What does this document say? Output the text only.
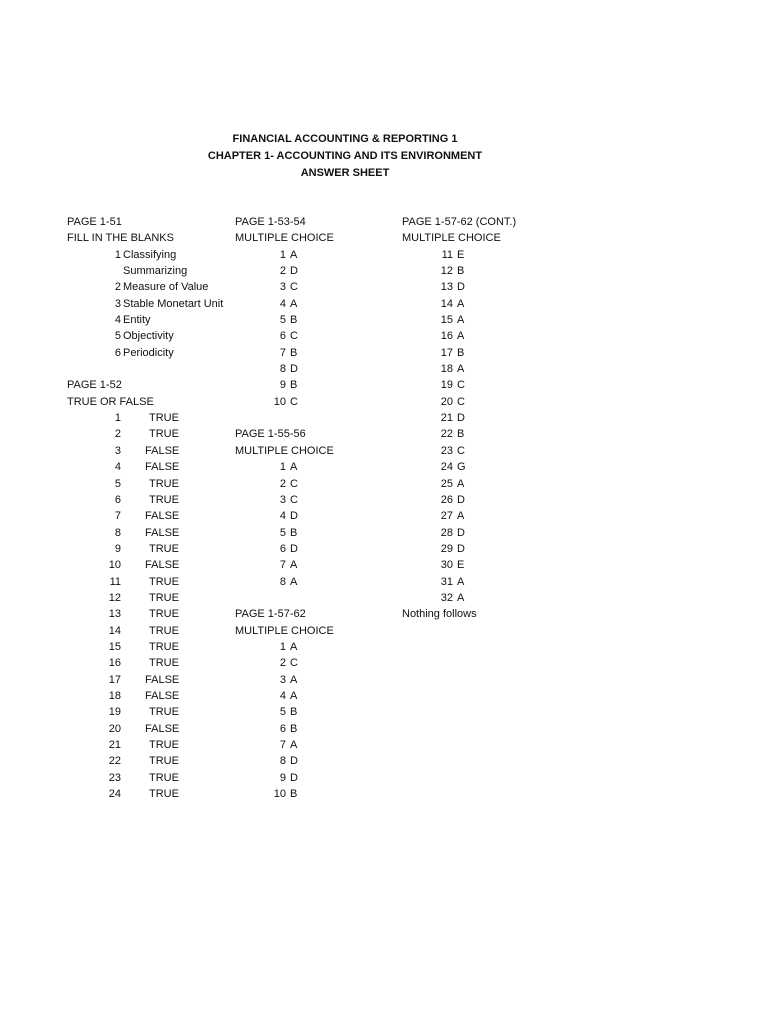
FINANCIAL ACCOUNTING & REPORTING 1
CHAPTER 1- ACCOUNTING AND ITS ENVIRONMENT
ANSWER SHEET
PAGE 1-51
FILL IN THE BLANKS
1 Classifying
Summarizing
2 Measure of Value
3 Stable Monetart Unit
4 Entity
5 Objectivity
6 Periodicity
PAGE 1-52
TRUE OR FALSE
1	TRUE
2	TRUE
3 FALSE
4 FALSE
5	TRUE
6	TRUE
7 FALSE
8 FALSE
9	TRUE
10 FALSE
11	TRUE
12	TRUE
13	TRUE
14	TRUE
15	TRUE
16	TRUE
17 FALSE
18 FALSE
19	TRUE
20 FALSE
21	TRUE
22	TRUE
23	TRUE
24	TRUE
PAGE 1-53-54
MULTIPLE CHOICE
1 A
2 D
3 C
4 A
5 B
6 C
7 B
8 D
9 B
10 C
PAGE 1-55-56
MULTIPLE CHOICE
1 A
2 C
3 C
4 D
5 B
6 D
7 A
8 A
PAGE 1-57-62
MULTIPLE CHOICE
1 A
2 C
3 A
4 A
5 B
6 B
7 A
8 D
9 D
10 B
PAGE 1-57-62 (CONT.)
MULTIPLE CHOICE
11 E
12 B
13 D
14 A
15 A
16 A
17 B
18 A
19 C
20 C
21 D
22 B
23 C
24 G
25 A
26 D
27 A
28 D
29 D
30 E
31 A
32 A
Nothing follows
